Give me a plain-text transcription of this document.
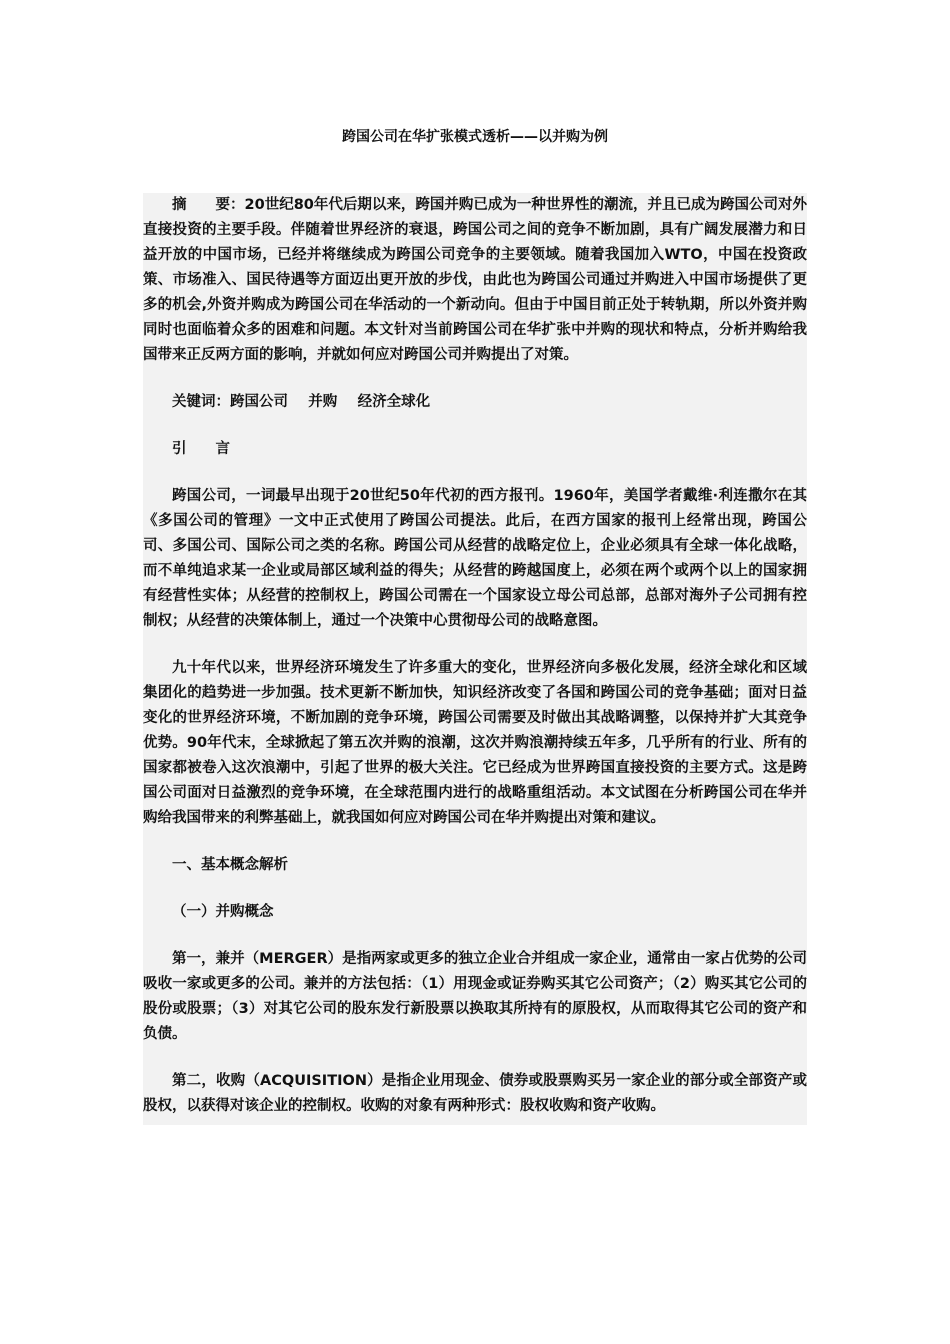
跨国公司在华扩张模式透析——以并购为例

摘　　要：20世纪80年代后期以来，跨国并购已成为一种世界性的潮流，并且已成为跨国公司对外直接投资的主要手段。伴随着世界经济的衰退，跨国公司之间的竞争不断加剧，具有广阔发展潜力和日益开放的中国市场，已经并将继续成为跨国公司竞争的主要领域。随着我国加入WTO，中国在投资政策、市场准入、国民待遇等方面迈出更开放的步伐，由此也为跨国公司通过并购进入中国市场提供了更多的机会,外资并购成为跨国公司在华活动的一个新动向。但由于中国目前正处于转轨期，所以外资并购同时也面临着众多的困难和问题。本文针对当前跨国公司在华扩张中并购的现状和特点，分析并购给我国带来正反两方面的影响，并就如何应对跨国公司并购提出了对策。

关键词：跨国公司 并购 经济全球化

引　　言

跨国公司，一词最早出现于20世纪50年代初的西方报刊。1960年，美国学者戴维·利连撒尔在其《多国公司的管理》一文中正式使用了跨国公司提法。此后，在西方国家的报刊上经常出现，跨国公司、多国公司、国际公司之类的名称。跨国公司从经营的战略定位上，企业必须具有全球一体化战略，而不单纯追求某一企业或局部区域利益的得失；从经营的跨越国度上，必须在两个或两个以上的国家拥有经营性实体；从经营的控制权上，跨国公司需在一个国家设立母公司总部，总部对海外子公司拥有控制权；从经营的决策体制上，通过一个决策中心贯彻母公司的战略意图。

九十年代以来，世界经济环境发生了许多重大的变化，世界经济向多极化发展，经济全球化和区域集团化的趋势进一步加强。技术更新不断加快，知识经济改变了各国和跨国公司的竞争基础；面对日益变化的世界经济环境，不断加剧的竞争环境，跨国公司需要及时做出其战略调整，以保持并扩大其竞争优势。90年代末，全球掀起了第五次并购的浪潮，这次并购浪潮持续五年多，几乎所有的行业、所有的国家都被卷入这次浪潮中，引起了世界的极大关注。它已经成为世界跨国直接投资的主要方式。这是跨国公司面对日益激烈的竞争环境，在全球范围内进行的战略重组活动。本文试图在分析跨国公司在华并购给我国带来的利弊基础上，就我国如何应对跨国公司在华并购提出对策和建议。

一、基本概念解析

（一）并购概念

第一，兼并（MERGER）是指两家或更多的独立企业合并组成一家企业，通常由一家占优势的公司吸收一家或更多的公司。兼并的方法包括：（1）用现金或证券购买其它公司资产；（2）购买其它公司的股份或股票；（3）对其它公司的股东发行新股票以换取其所持有的原股权，从而取得其它公司的资产和负债。

第二，收购（ACQUISITION）是指企业用现金、债券或股票购买另一家企业的部分或全部资产或股权，以获得对该企业的控制权。收购的对象有两种形式：股权收购和资产收购。
